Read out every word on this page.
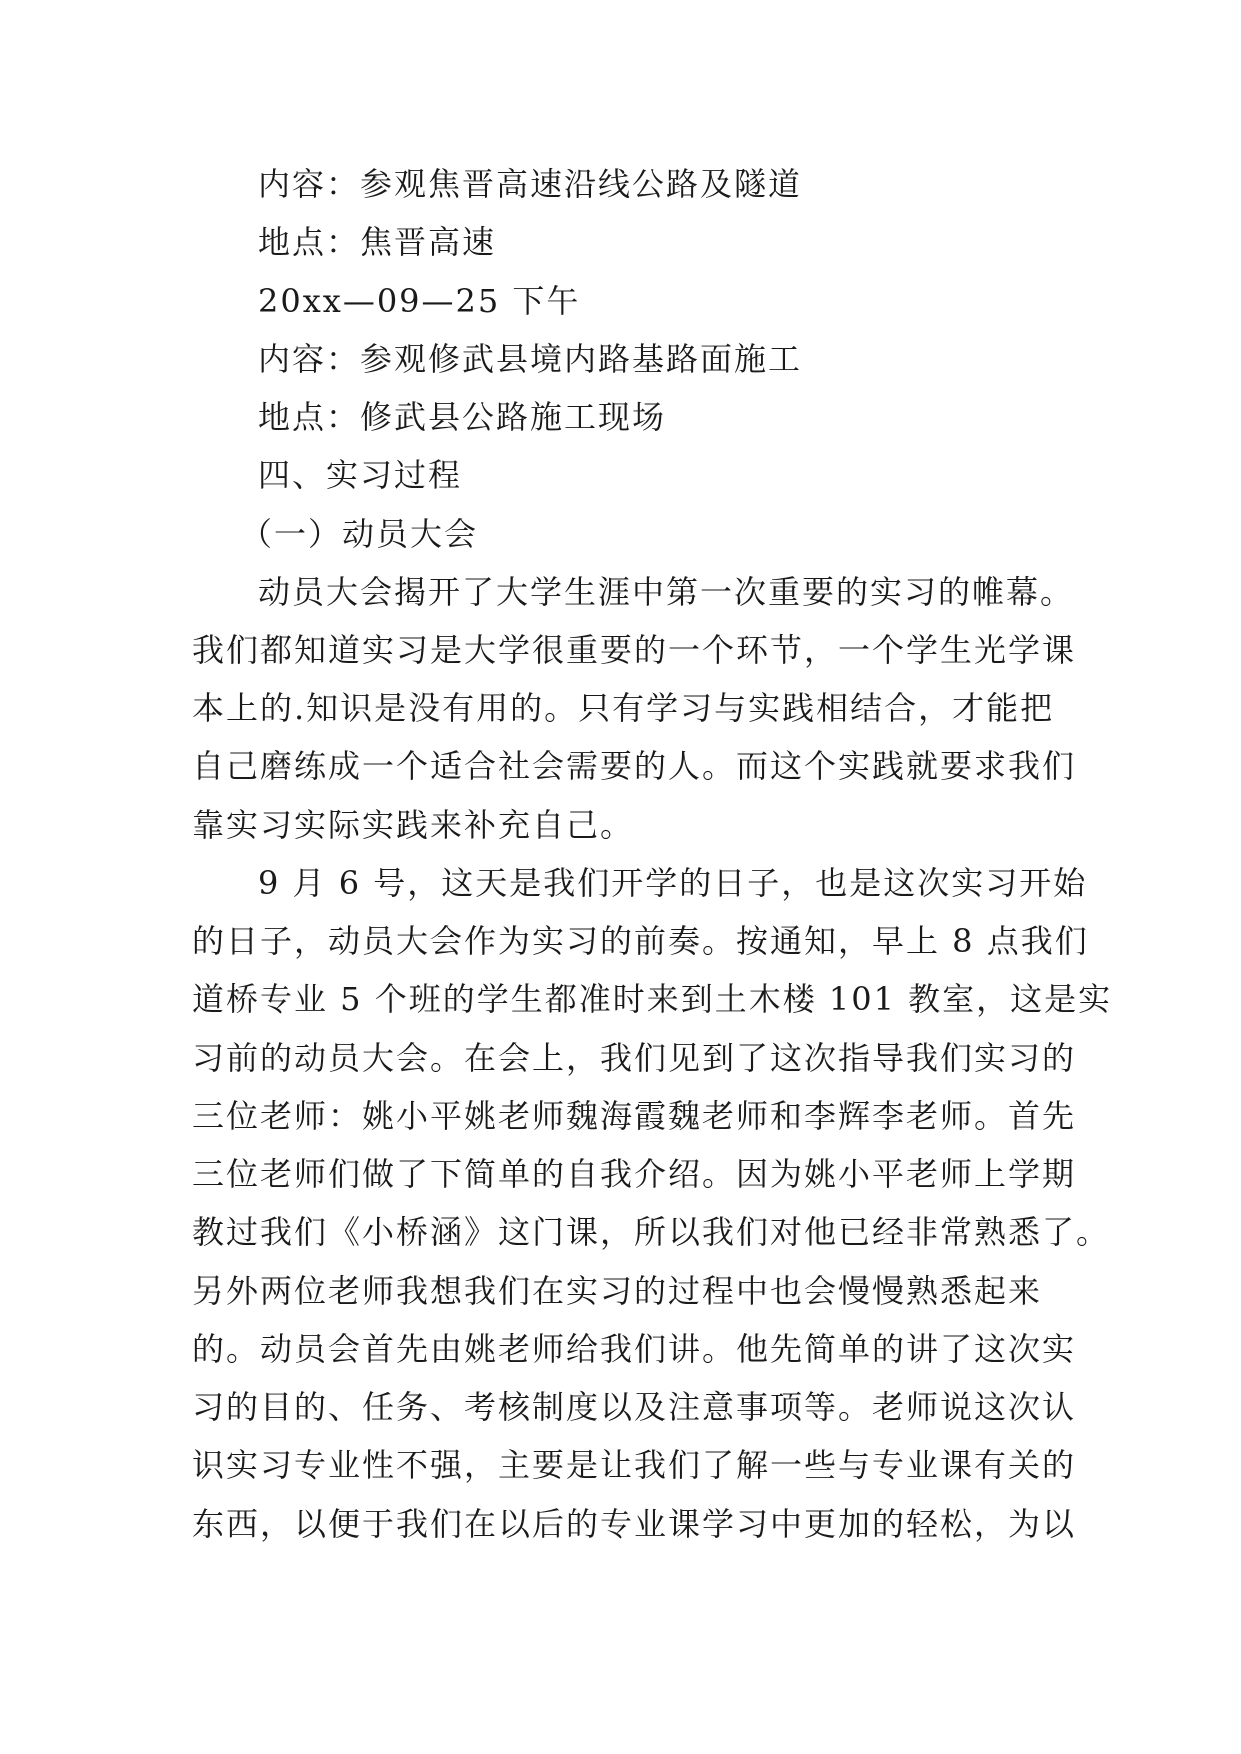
内容：参观焦晋高速沿线公路及隧道
地点：焦晋高速
20xx—09—25 下午
内容：参观修武县境内路基路面施工
地点：修武县公路施工现场
四、实习过程
（一）动员大会
动员大会揭开了大学生涯中第一次重要的实习的帷幕。
我们都知道实习是大学很重要的一个环节，一个学生光学课
本上的.知识是没有用的。只有学习与实践相结合，才能把
自己磨练成一个适合社会需要的人。而这个实践就要求我们
靠实习实际实践来补充自己。
9 月 6 号，这天是我们开学的日子，也是这次实习开始
的日子，动员大会作为实习的前奏。按通知，早上 8 点我们
道桥专业 5 个班的学生都准时来到土木楼 101 教室，这是实
习前的动员大会。在会上，我们见到了这次指导我们实习的
三位老师：姚小平姚老师魏海霞魏老师和李辉李老师。首先
三位老师们做了下简单的自我介绍。因为姚小平老师上学期
教过我们《小桥涵》这门课，所以我们对他已经非常熟悉了。
另外两位老师我想我们在实习的过程中也会慢慢熟悉起来
的。动员会首先由姚老师给我们讲。他先简单的讲了这次实
习的目的、任务、考核制度以及注意事项等。老师说这次认
识实习专业性不强，主要是让我们了解一些与专业课有关的
东西，以便于我们在以后的专业课学习中更加的轻松，为以
